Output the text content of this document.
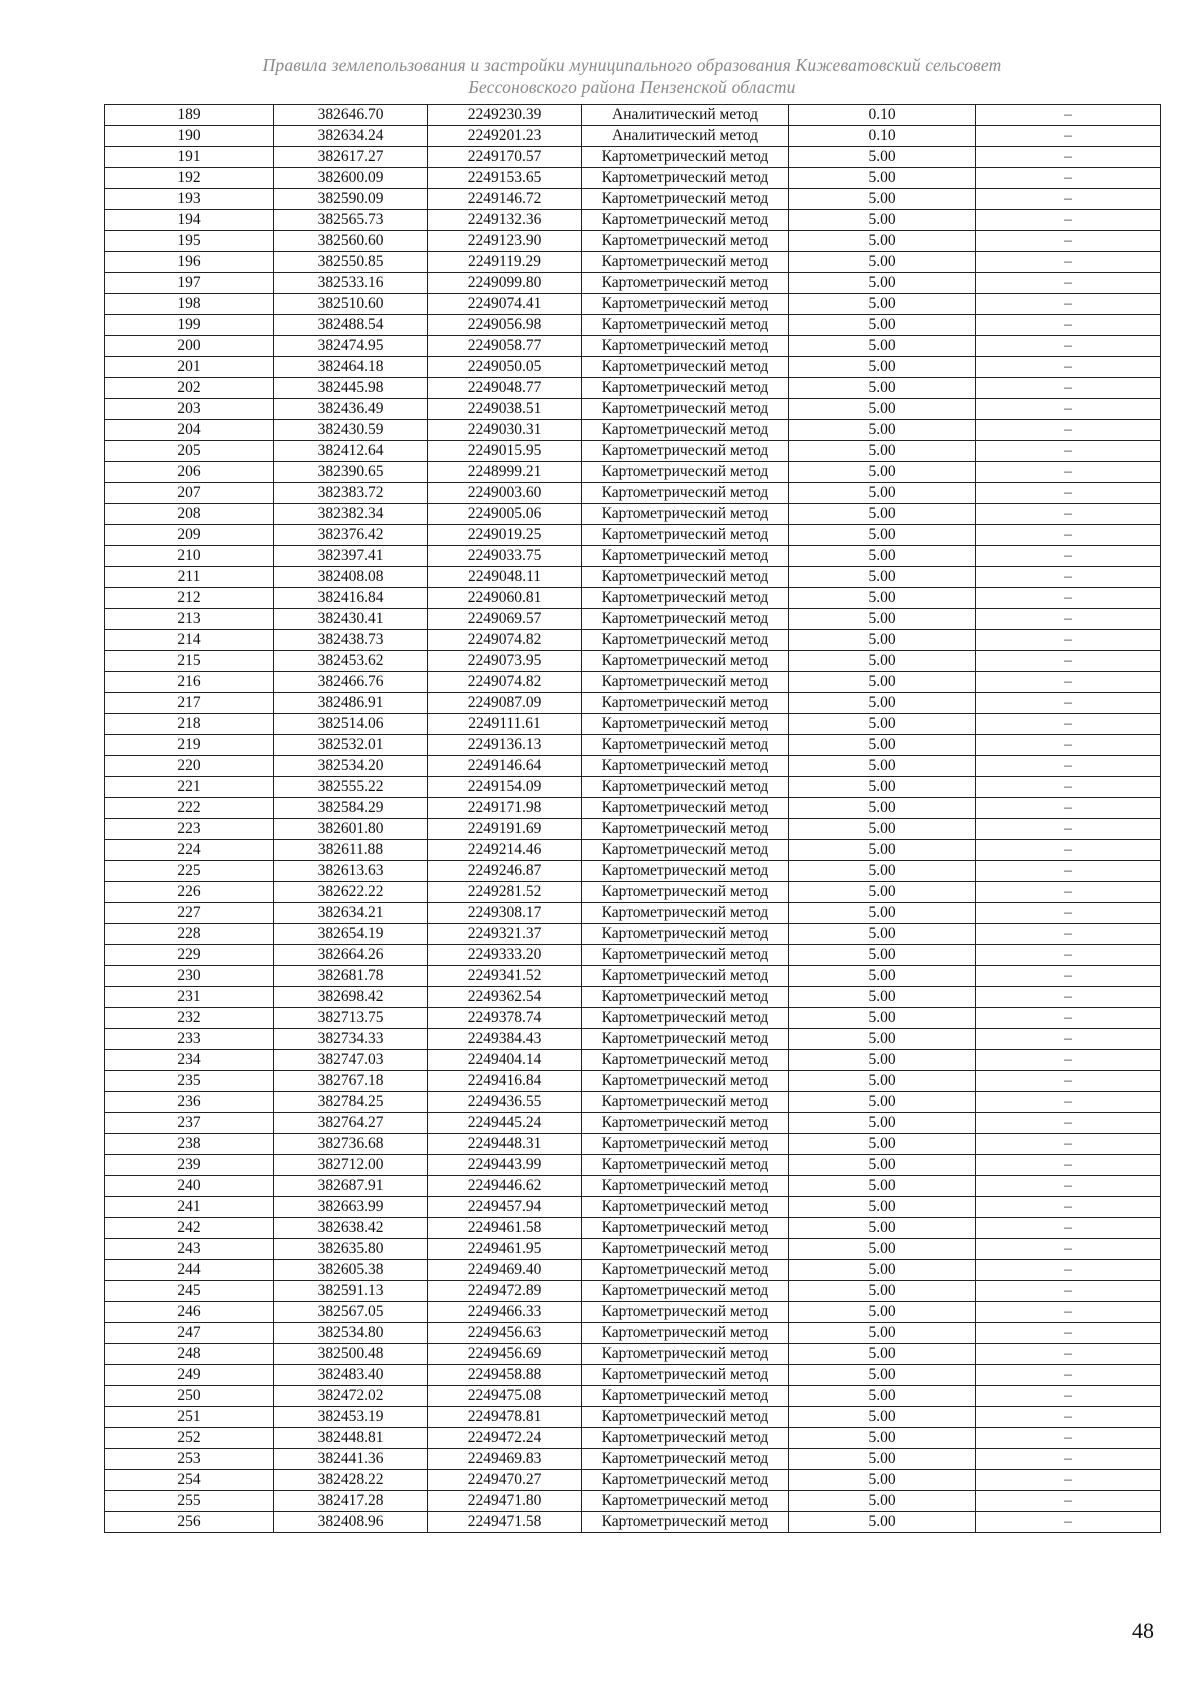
Правила землепользования и застройки муниципального образования Кижеватовский сельсовет
Бессоновского района Пензенской области
189	382646.70	2249230.39	Аналитический метод	0.10	–
190	382634.24	2249201.23	Аналитический метод	0.10	–
191	382617.27	2249170.57	Картометрический метод	5.00	–
192	382600.09	2249153.65	Картометрический метод	5.00	–
193	382590.09	2249146.72	Картометрический метод	5.00	–
194	382565.73	2249132.36	Картометрический метод	5.00	–
195	382560.60	2249123.90	Картометрический метод	5.00	–
196	382550.85	2249119.29	Картометрический метод	5.00	–
197	382533.16	2249099.80	Картометрический метод	5.00	–
198	382510.60	2249074.41	Картометрический метод	5.00	–
199	382488.54	2249056.98	Картометрический метод	5.00	–
200	382474.95	2249058.77	Картометрический метод	5.00	–
201	382464.18	2249050.05	Картометрический метод	5.00	–
202	382445.98	2249048.77	Картометрический метод	5.00	–
203	382436.49	2249038.51	Картометрический метод	5.00	–
204	382430.59	2249030.31	Картометрический метод	5.00	–
205	382412.64	2249015.95	Картометрический метод	5.00	–
206	382390.65	2248999.21	Картометрический метод	5.00	–
207	382383.72	2249003.60	Картометрический метод	5.00	–
208	382382.34	2249005.06	Картометрический метод	5.00	–
209	382376.42	2249019.25	Картометрический метод	5.00	–
210	382397.41	2249033.75	Картометрический метод	5.00	–
211	382408.08	2249048.11	Картометрический метод	5.00	–
212	382416.84	2249060.81	Картометрический метод	5.00	–
213	382430.41	2249069.57	Картометрический метод	5.00	–
214	382438.73	2249074.82	Картометрический метод	5.00	–
215	382453.62	2249073.95	Картометрический метод	5.00	–
216	382466.76	2249074.82	Картометрический метод	5.00	–
217	382486.91	2249087.09	Картометрический метод	5.00	–
218	382514.06	2249111.61	Картометрический метод	5.00	–
219	382532.01	2249136.13	Картометрический метод	5.00	–
220	382534.20	2249146.64	Картометрический метод	5.00	–
221	382555.22	2249154.09	Картометрический метод	5.00	–
222	382584.29	2249171.98	Картометрический метод	5.00	–
223	382601.80	2249191.69	Картометрический метод	5.00	–
224	382611.88	2249214.46	Картометрический метод	5.00	–
225	382613.63	2249246.87	Картометрический метод	5.00	–
226	382622.22	2249281.52	Картометрический метод	5.00	–
227	382634.21	2249308.17	Картометрический метод	5.00	–
228	382654.19	2249321.37	Картометрический метод	5.00	–
229	382664.26	2249333.20	Картометрический метод	5.00	–
230	382681.78	2249341.52	Картометрический метод	5.00	–
231	382698.42	2249362.54	Картометрический метод	5.00	–
232	382713.75	2249378.74	Картометрический метод	5.00	–
233	382734.33	2249384.43	Картометрический метод	5.00	–
234	382747.03	2249404.14	Картометрический метод	5.00	–
235	382767.18	2249416.84	Картометрический метод	5.00	–
236	382784.25	2249436.55	Картометрический метод	5.00	–
237	382764.27	2249445.24	Картометрический метод	5.00	–
238	382736.68	2249448.31	Картометрический метод	5.00	–
239	382712.00	2249443.99	Картометрический метод	5.00	–
240	382687.91	2249446.62	Картометрический метод	5.00	–
241	382663.99	2249457.94	Картометрический метод	5.00	–
242	382638.42	2249461.58	Картометрический метод	5.00	–
243	382635.80	2249461.95	Картометрический метод	5.00	–
244	382605.38	2249469.40	Картометрический метод	5.00	–
245	382591.13	2249472.89	Картометрический метод	5.00	–
246	382567.05	2249466.33	Картометрический метод	5.00	–
247	382534.80	2249456.63	Картометрический метод	5.00	–
248	382500.48	2249456.69	Картометрический метод	5.00	–
249	382483.40	2249458.88	Картометрический метод	5.00	–
250	382472.02	2249475.08	Картометрический метод	5.00	–
251	382453.19	2249478.81	Картометрический метод	5.00	–
252	382448.81	2249472.24	Картометрический метод	5.00	–
253	382441.36	2249469.83	Картометрический метод	5.00	–
254	382428.22	2249470.27	Картометрический метод	5.00	–
255	382417.28	2249471.80	Картометрический метод	5.00	–
256	382408.96	2249471.58	Картометрический метод	5.00	–
48
